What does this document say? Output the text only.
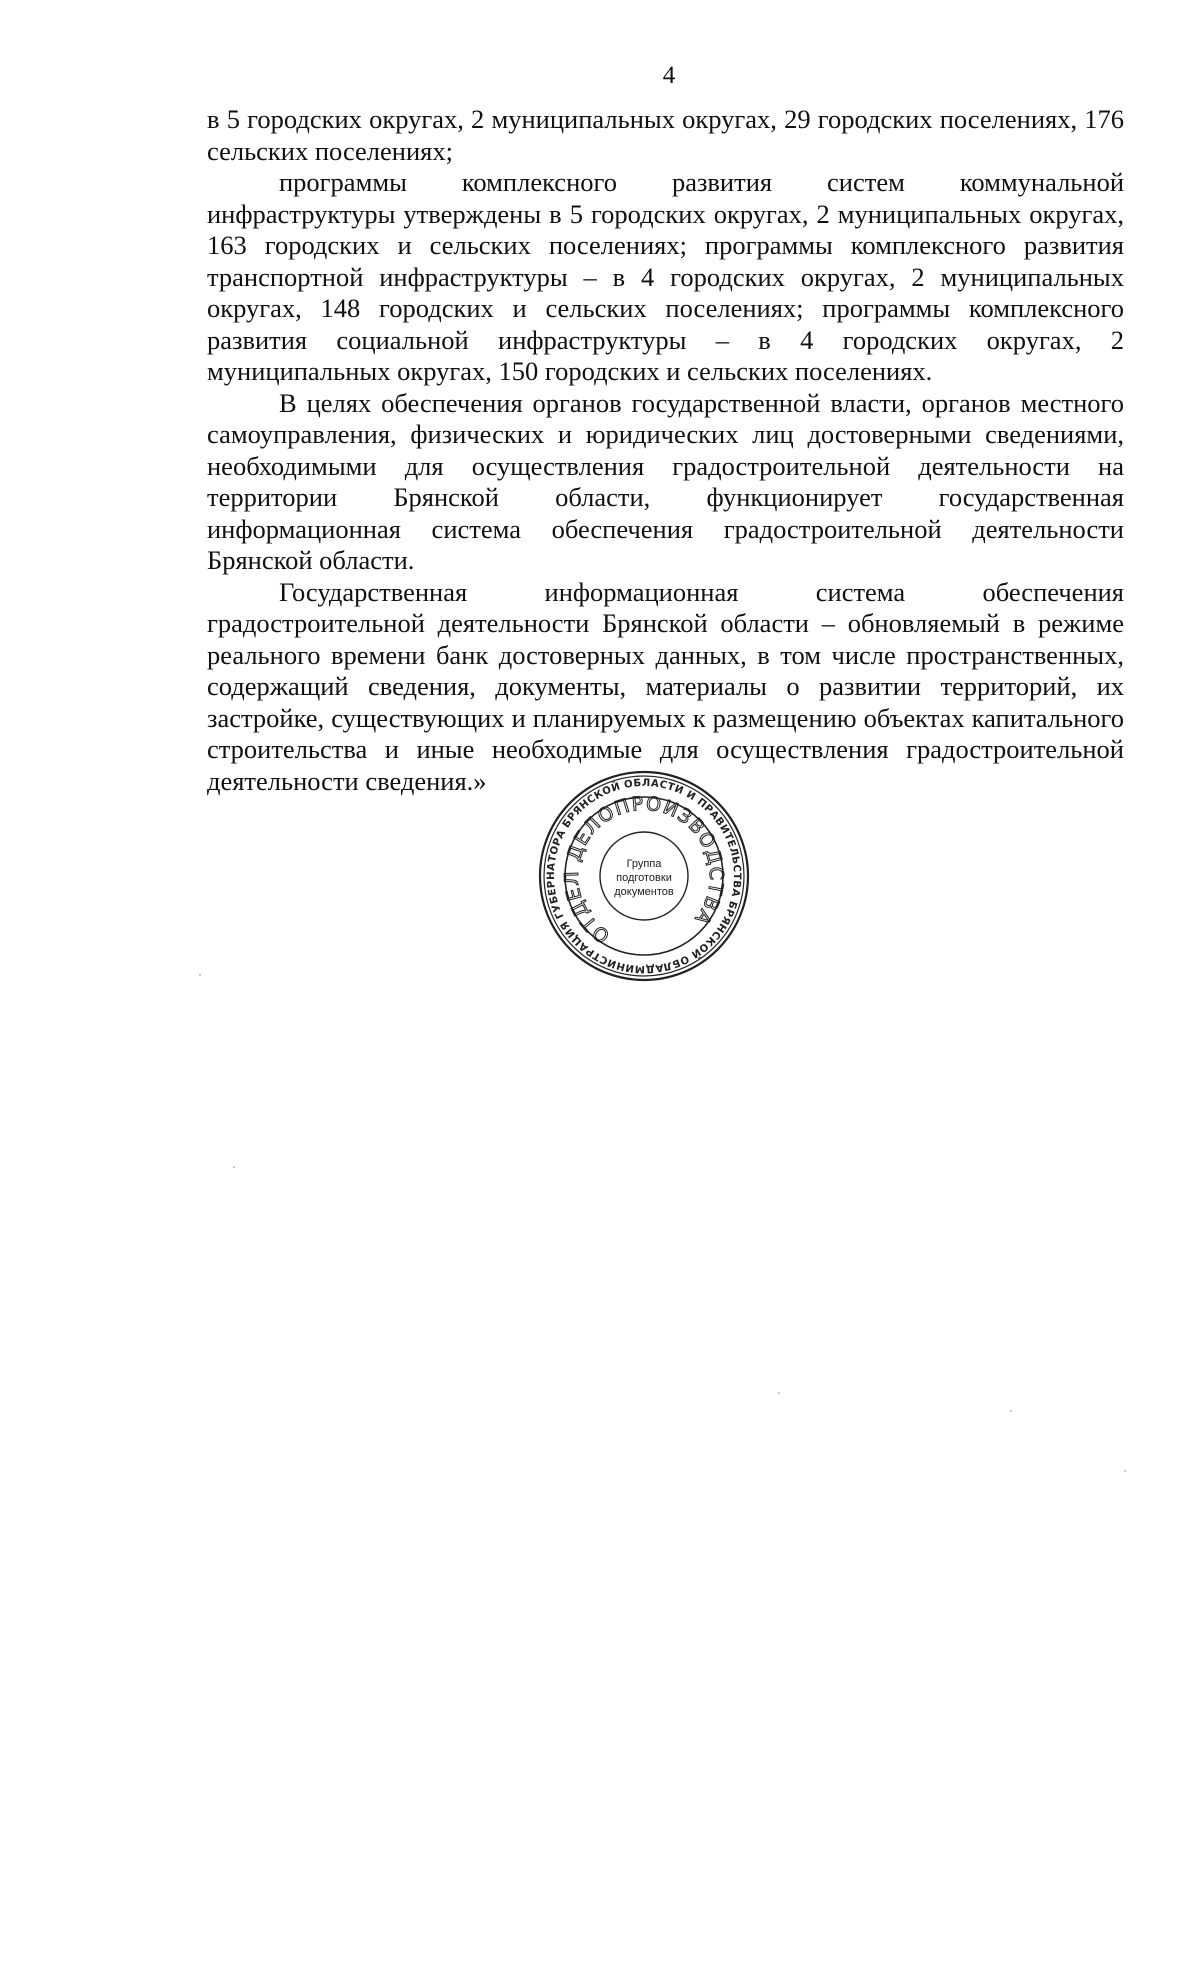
4

в 5 городских округах, 2 муниципальных округах, 29 городских поселениях, 176 сельских поселениях;

программы комплексного развития систем коммунальной инфраструктуры утверждены в 5 городских округах, 2 муниципальных округах, 163 городских и сельских поселениях; программы комплексного развития транспортной инфраструктуры – в 4 городских округах, 2 муниципальных округах, 148 городских и сельских поселениях; программы комплексного развития социальной инфраструктуры – в 4 городских округах, 2 муниципальных округах, 150 городских и сельских поселениях.

В целях обеспечения органов государственной власти, органов местного самоуправления, физических и юридических лиц достоверными сведениями, необходимыми для осуществления градостроительной деятельности на территории Брянской области, функционирует государственная информационная система обеспечения градостроительной деятельности Брянской области.

Государственная информационная система обеспечения градостроительной деятельности Брянской области – обновляемый в режиме реального времени банк достоверных данных, в том числе пространственных, содержащий сведения, документы, материалы о развитии территорий, их застройке, существующих и планируемых к размещению объектах капитального строительства и иные необходимые для осуществления градостроительной деятельности сведения.»

АДМИНИСТРАЦИЯ ГУБЕРНАТОРА БРЯНСКОЙ ОБЛАСТИ И ПРАВИТЕЛЬСТВА БРЯНСКОЙ ОБЛАСТИ
ОТДЕЛ ДЕЛОПРОИЗВОДСТВА
Группа
подготовки
документов
